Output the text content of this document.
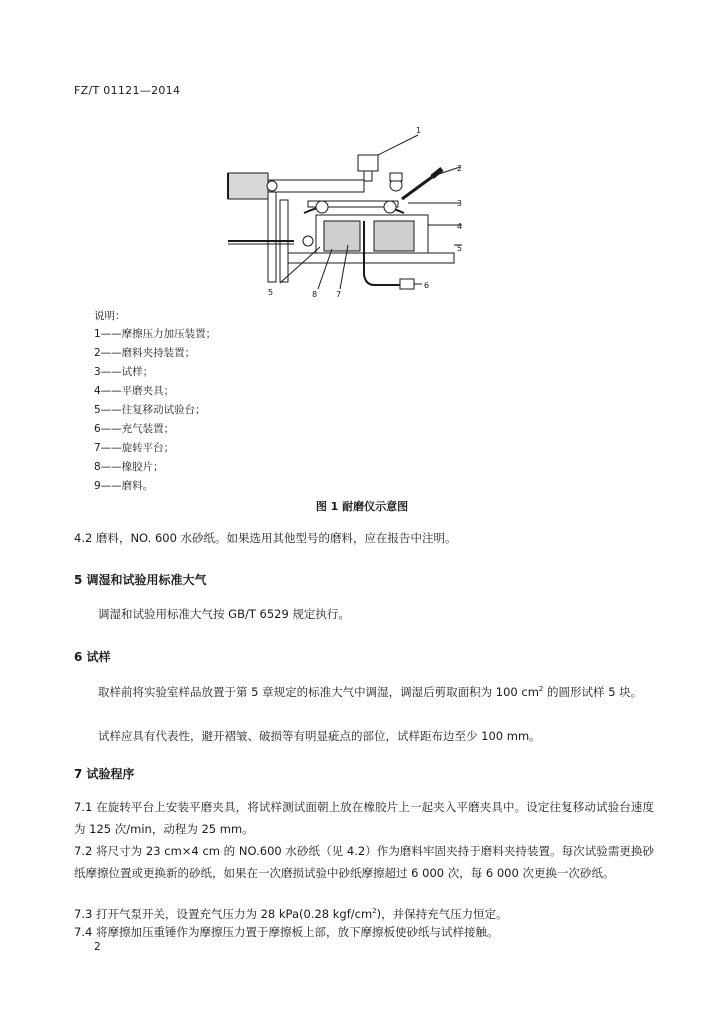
FZ/T 01121—2014
1
2
3
4
5
6
5	8 7
说明：
1——摩擦压力加压装置；
2——磨料夹持装置；
3——试样；
4——平磨夹具；
5——往复移动试验台；
6——充气装置；
7——旋转平台；
8——橡胶片；
9——磨料。
图 1 耐磨仪示意图
4.2 磨料，NO. 600 水砂纸。如果选用其他型号的磨料，应在报告中注明。
5 调湿和试验用标准大气
调湿和试验用标准大气按 GB/T 6529 规定执行。
6 试样
取样前将实验室样品放置于第 5 章规定的标准大气中调湿，调湿后剪取面积为 100 $cm^2$ 的圆形试样 5 块。
试样应具有代表性，避开褶皱、破损等有明显疵点的部位，试样距布边至少 100 mm。
7 试验程序
7.1 在旋转平台上安装平磨夹具，将试样测试面朝上放在橡胶片上一起夹入平磨夹具中。设定往复移动试验台速度为 125 次/min，动程为 25 mm。
7.2 将尺寸为 23 cm×4 cm 的 NO.600 水砂纸（见 4.2）作为磨料牢固夹持于磨料夹持装置。每次试验需更换砂纸摩擦位置或更换新的砂纸，如果在一次磨损试验中砂纸摩擦超过 6 000 次，每 6 000 次更换一次砂纸。
7.3 打开气泵开关，设置充气压力为 28 kPa(0.28 kgf/$cm^2$)，并保持充气压力恒定。
7.4 将摩擦加压重锤作为摩擦压力置于摩擦板上部，放下摩擦板使砂纸与试样接触。
2
